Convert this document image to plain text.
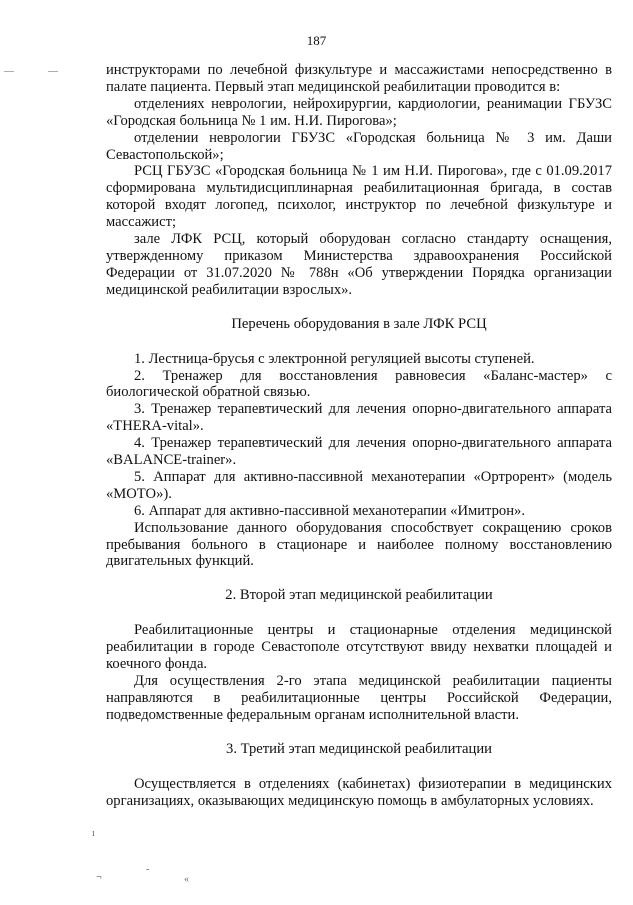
187
—	—	инструкторами по лечебной физкультуре и массажистами непосредственно в палате пациента. Первый этап медицинской реабилитации проводится в:

отделениях неврологии, нейрохирургии, кардиологии, реанимации ГБУЗС «Городская больница № 1 им. Н.И. Пирогова»;

отделении неврологии ГБУЗС «Городская больница № 3 им. Даши Севастопольской»;

РСЦ ГБУЗС «Городская больница № 1 им Н.И. Пирогова», где с 01.09.2017 сформирована мультидисциплинарная реабилитационная бригада, в состав которой входят логопед, психолог, инструктор по лечебной физкультуре и массажист;

зале ЛФК РСЦ, который оборудован согласно стандарту оснащения, утвержденному приказом Министерства здравоохранения Российской Федерации от 31.07.2020 № 788н «Об утверждении Порядка организации медицинской реабилитации взрослых».

Перечень оборудования в зале ЛФК РСЦ

1. Лестница-брусья с электронной регуляцией высоты ступеней.

2. Тренажер для восстановления равновесия «Баланс-мастер» с биологической обратной связью.

3. Тренажер терапевтический для лечения опорно-двигательного аппарата «THERA-vital».

4. Тренажер терапевтический для лечения опорно-двигательного аппарата «BALANCE-trainer».

5. Аппарат для активно-пассивной механотерапии «Ортрорент» (модель «МОТО»).

6. Аппарат для активно-пассивной механотерапии «Имитрон».

Использование данного оборудования способствует сокращению сроков пребывания больного в стационаре и наиболее полному восстановлению двигательных функций.

2. Второй этап медицинской реабилитации

Реабилитационные центры и стационарные отделения медицинской реабилитации в городе Севастополе отсутствуют ввиду нехватки площадей и коечного фонда.

Для осуществления 2-го этапа медицинской реабилитации пациенты направляются в реабилитационные центры Российской Федерации, подведомственные федеральным органам исполнительной власти.

3. Третий этап медицинской реабилитации

Осуществляется в отделениях (кабинетах) физиотерапии в медицинских организациях, оказывающих медицинскую помощь в амбулаторных условиях.

ı
¬
-
«
